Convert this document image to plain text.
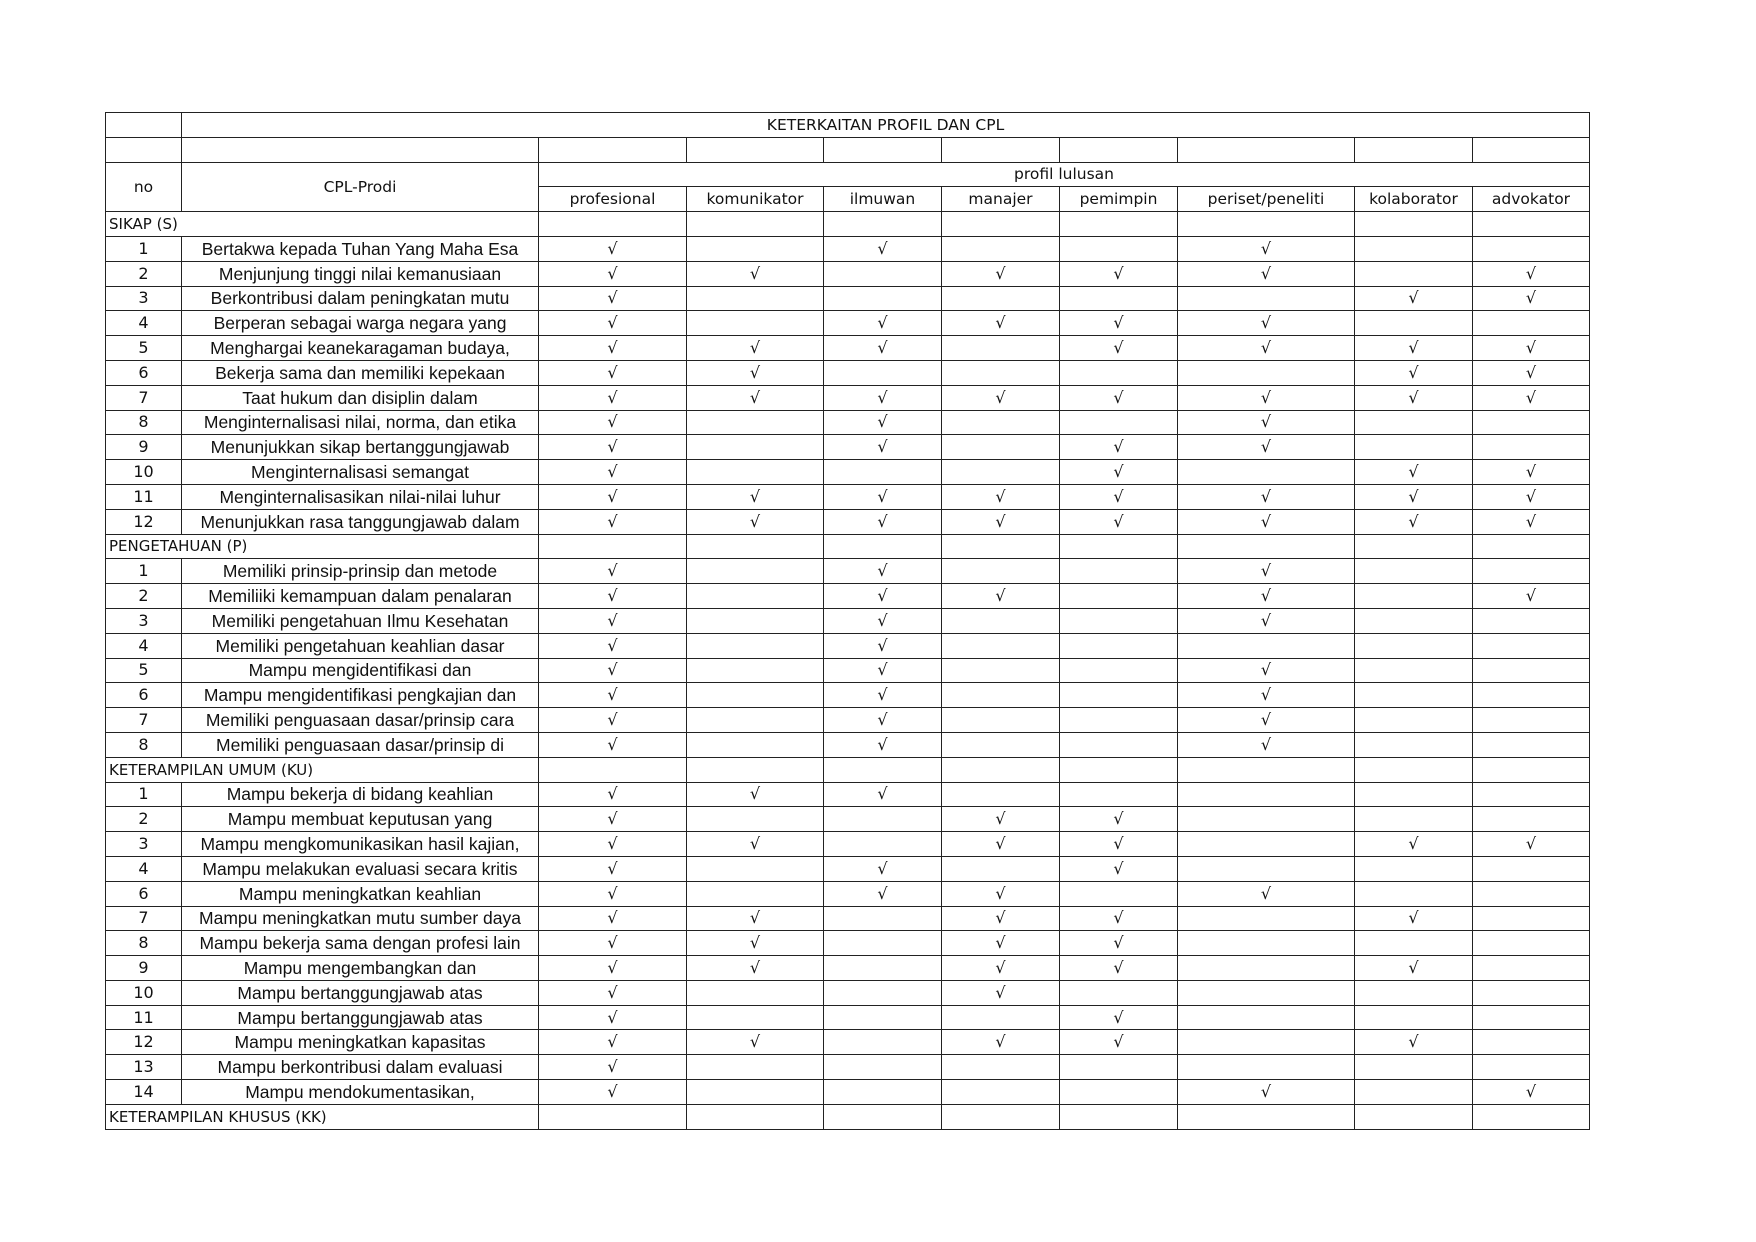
	KETERKAITAN PROFIL DAN CPL								

no	CPL-Prodi	profil lulusan							
		profesional	komunikator	ilmuwan	manajer	pemimpin	periset/peneliti	kolaborator	advokator
SIKAP (S)									
1	Bertakwa kepada Tuhan Yang Maha Esa	√		√			√		
2	Menjunjung tinggi nilai kemanusiaan	√	√		√	√	√		√
3	Berkontribusi dalam peningkatan mutu	√						√	√
4	Berperan sebagai warga negara yang	√		√	√	√	√		
5	Menghargai keanekaragaman budaya,	√	√	√		√	√	√	√
6	Bekerja sama dan memiliki kepekaan	√	√					√	√
7	Taat hukum dan disiplin dalam	√	√	√	√	√	√	√	√
8	Menginternalisasi nilai, norma, dan etika	√		√			√		
9	Menunjukkan sikap bertanggungjawab	√		√		√	√		
10	Menginternalisasi semangat	√				√		√	√
11	Menginternalisasikan nilai-nilai luhur	√	√	√	√	√	√	√	√
12	Menunjukkan rasa tanggungjawab dalam	√	√	√	√	√	√	√	√
PENGETAHUAN (P)									
1	Memiliki prinsip-prinsip dan metode	√		√			√		
2	Memiliiki kemampuan dalam penalaran	√		√	√		√		√
3	Memiliki pengetahuan Ilmu Kesehatan	√		√			√		
4	Memiliki pengetahuan keahlian dasar	√		√					
5	Mampu mengidentifikasi dan	√		√			√		
6	Mampu mengidentifikasi pengkajian dan	√		√			√		
7	Memiliki penguasaan dasar/prinsip cara	√		√			√		
8	Memiliki penguasaan dasar/prinsip di	√		√			√		
KETERAMPILAN UMUM (KU)									
1	Mampu bekerja di bidang keahlian	√	√	√					
2	Mampu membuat keputusan yang	√			√	√			
3	Mampu mengkomunikasikan hasil kajian,	√	√		√	√		√	√
4	Mampu melakukan evaluasi secara kritis	√		√		√			
6	Mampu meningkatkan keahlian	√		√	√		√		
7	Mampu meningkatkan mutu sumber daya	√	√		√	√		√	
8	Mampu bekerja sama dengan profesi lain	√	√		√	√			
9	Mampu mengembangkan dan	√	√		√	√		√	
10	Mampu bertanggungjawab atas	√			√				
11	Mampu bertanggungjawab atas	√				√			
12	Mampu meningkatkan kapasitas	√	√		√	√		√	
13	Mampu berkontribusi dalam evaluasi	√							
14	Mampu mendokumentasikan,	√					√		√
KETERAMPILAN KHUSUS (KK)									
